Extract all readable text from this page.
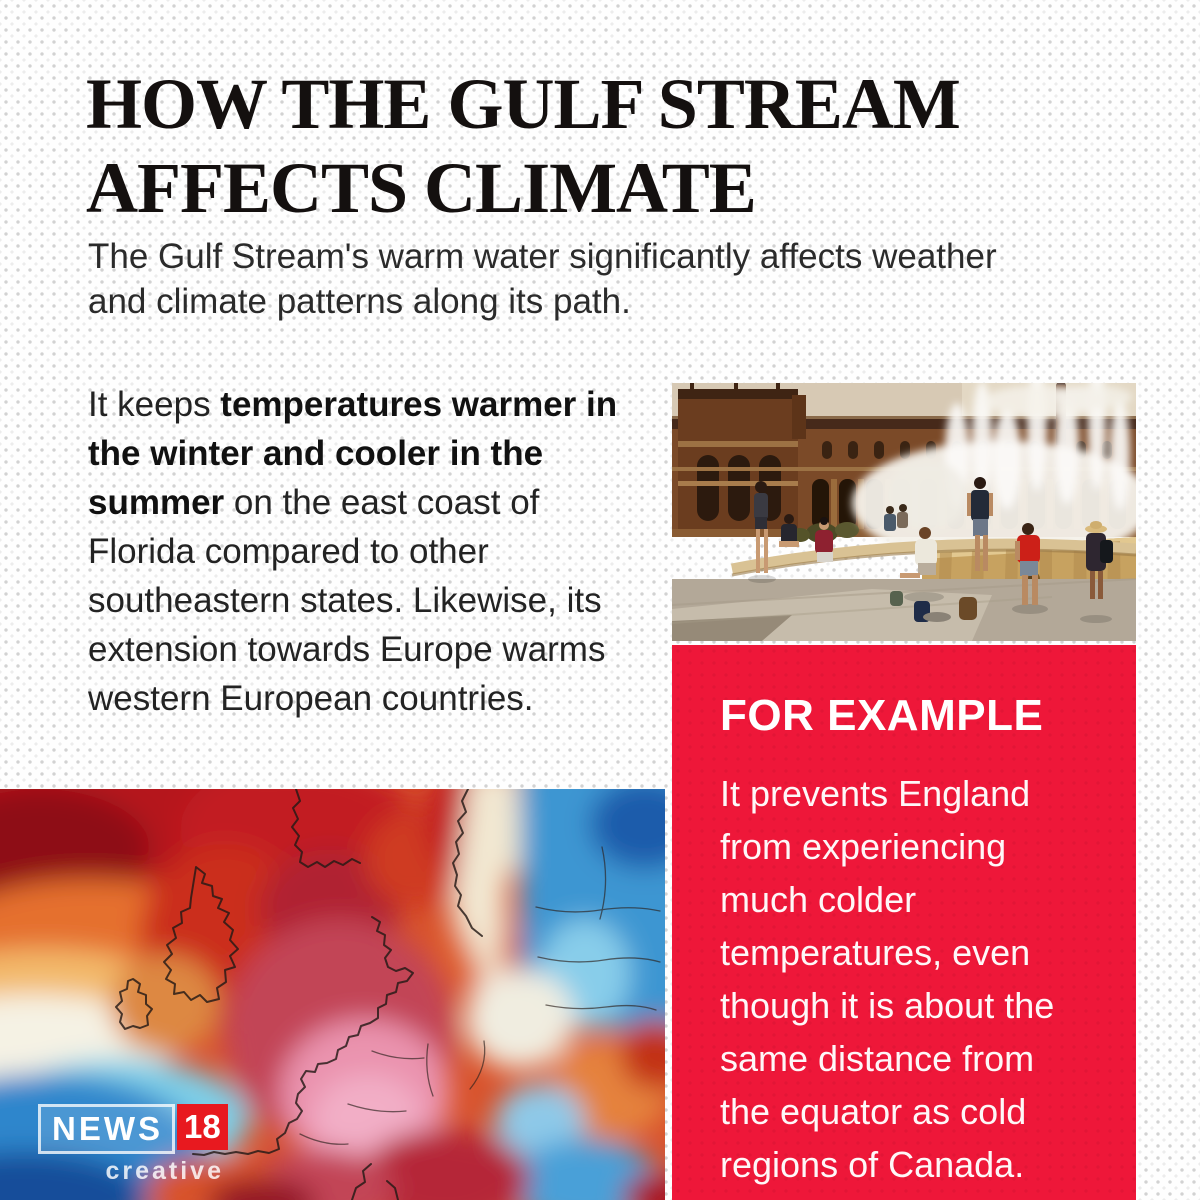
HOW THE GULF STREAM
AFFECTS CLIMATE

The Gulf Stream's warm water significantly affects weather and climate patterns along its path.

It keeps temperatures warmer in the winter and cooler in the summer on the east coast of Florida compared to other southeastern states. Likewise, its extension towards Europe warms western European countries.	FOR EXAMPLE

It prevents England from experiencing much colder temperatures, even though it is about the same distance from the equator as cold regions of Canada.

NEWS 18
creative
